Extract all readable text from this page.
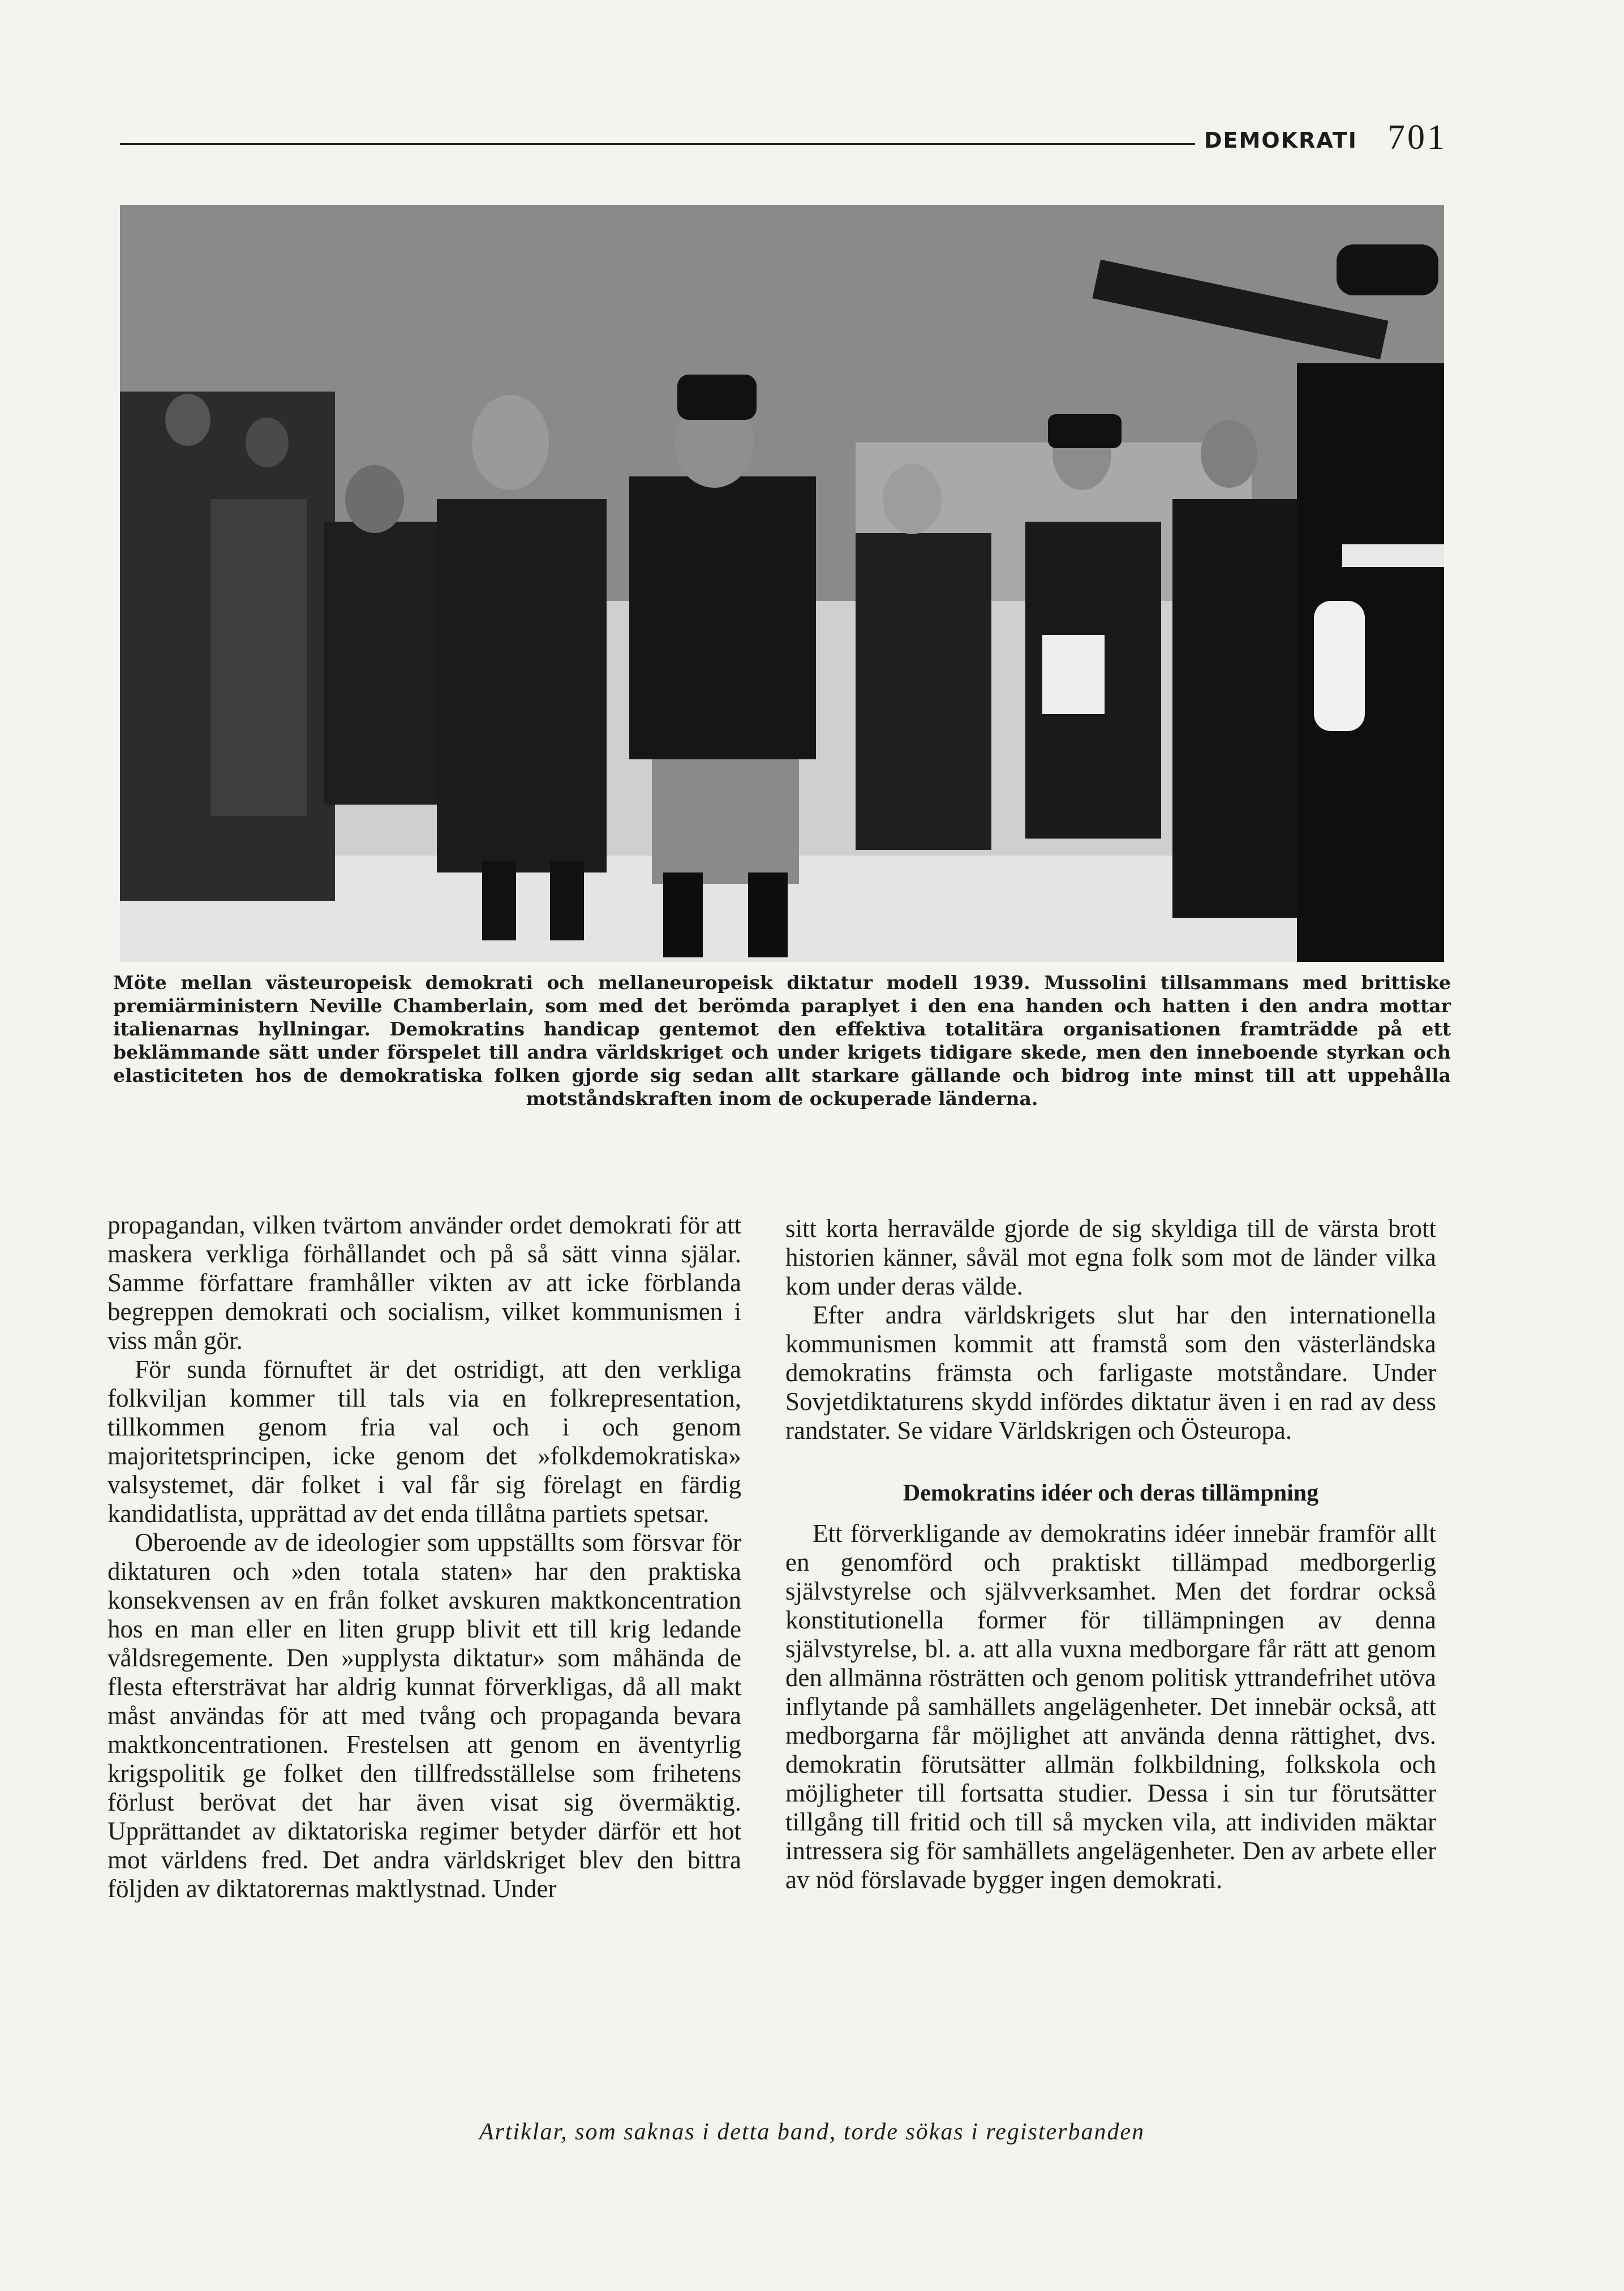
DEMOKRATI 701

Möte mellan västeuropeisk demokrati och mellaneuropeisk diktatur modell 1939. Mussolini tillsammans med brittiske premiärministern Neville Chamberlain, som med det berömda paraplyet i den ena handen och hatten i den andra mottar italienarnas hyllningar. Demokratins handicap gentemot den effektiva totalitära organisationen framträdde på ett beklämmande sätt under förspelet till andra världskriget och under krigets tidigare skede, men den inneboende styrkan och elasticiteten hos de demokratiska folken gjorde sig sedan allt starkare gällande och bidrog inte minst till att uppehålla motståndskraften inom de ockuperade länderna.

propagandan, vilken tvärtom använder ordet demokrati för att maskera verkliga förhållandet och på så sätt vinna själar. Samme författare framhåller vikten av att icke förblanda begreppen demokrati och socialism, vilket kommunismen i viss mån gör.

För sunda förnuftet är det ostridigt, att den verkliga folkviljan kommer till tals via en folkrepresentation, tillkommen genom fria val och i och genom majoritetsprincipen, icke genom det »folkdemokratiska» valsystemet, där folket i val får sig förelagt en färdig kandidatlista, upprättad av det enda tillåtna partiets spetsar.

Oberoende av de ideologier som uppställts som försvar för diktaturen och »den totala staten» har den praktiska konsekvensen av en från folket avskuren maktkoncentration hos en man eller en liten grupp blivit ett till krig ledande våldsregemente. Den »upplysta diktatur» som måhända de flesta eftersträvat har aldrig kunnat förverkligas, då all makt måst användas för att med tvång och propaganda bevara maktkoncentrationen. Frestelsen att genom en äventyrlig krigspolitik ge folket den tillfredsställelse som frihetens förlust berövat det har även visat sig övermäktig. Upprättandet av diktatoriska regimer betyder därför ett hot mot världens fred. Det andra världskriget blev den bittra följden av diktatorernas maktlystnad. Under

sitt korta herravälde gjorde de sig skyldiga till de värsta brott historien känner, såväl mot egna folk som mot de länder vilka kom under deras välde.

Efter andra världskrigets slut har den internationella kommunismen kommit att framstå som den västerländska demokratins främsta och farligaste motståndare. Under Sovjetdiktaturens skydd infördes diktatur även i en rad av dess randstater. Se vidare Världskrigen och Östeuropa.

Demokratins idéer och deras tillämpning

Ett förverkligande av demokratins idéer innebär framför allt en genomförd och praktiskt tillämpad medborgerlig självstyrelse och självverksamhet. Men det fordrar också konstitutionella former för tillämpningen av denna självstyrelse, bl. a. att alla vuxna medborgare får rätt att genom den allmänna rösträtten och genom politisk yttrandefrihet utöva inflytande på samhällets angelägenheter. Det innebär också, att medborgarna får möjlighet att använda denna rättighet, dvs. demokratin förutsätter allmän folkbildning, folkskola och möjligheter till fortsatta studier. Dessa i sin tur förutsätter tillgång till fritid och till så mycken vila, att individen mäktar intressera sig för samhällets angelägenheter. Den av arbete eller av nöd förslavade bygger ingen demokrati.

Artiklar, som saknas i detta band, torde sökas i registerbanden
